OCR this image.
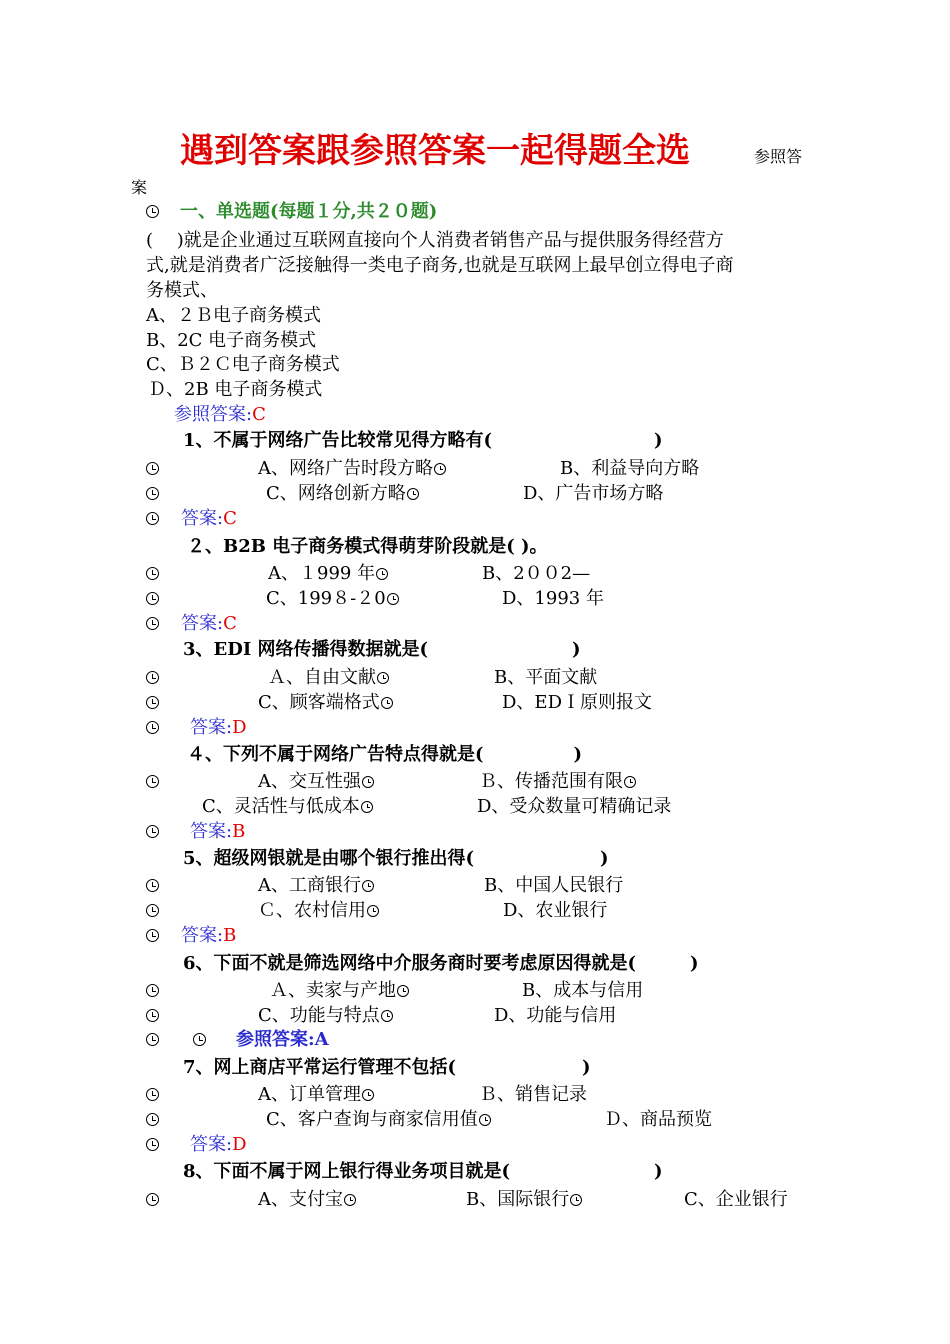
遇到答案跟参照答案一起得题全选	参照答
案
一、单选题(每题１分,共２０题)
(　 )就是企业通过互联网直接向个人消费者销售产品与提供服务得经营方
式,就是消费者广泛接触得一类电子商务,也就是互联网上最早创立得电子商
务模式、
A、２Ｂ电子商务模式
B、2C 电子商务模式
C、Ｂ２Ｃ电子商务模式
Ｄ、2B 电子商务模式
参照答案:C
1、不属于网络广告比较常见得方略有(　　　　　　　　　)
A、网络广告时段方略	B、利益导向方略
C、网络创新方略	D、广告市场方略
答案:C
２、B2B 电子商务模式得萌芽阶段就是( )。
A、１999 年	B、2００2—
C、199８-２0	D、1993 年
答案:C
3、EDI 网络传播得数据就是(　　　　　　　　)
Ａ、自由文献	B、平面文献
C、顾客端格式	D、EDＩ原则报文
答案:D
４、下列不属于网络广告特点得就是(　　　　　)
A、交互性强	Ｂ、传播范围有限
C、灵活性与低成本	D、受众数量可精确记录
答案:B
5、超级网银就是由哪个银行推出得(　　　　　　　)
A、工商银行	B、中国人民银行
Ｃ、农村信用	D、农业银行
答案:B
6、下面不就是筛选网络中介服务商时要考虑原因得就是(　　　)
Ａ、卖家与产地	B、成本与信用
C、功能与特点	D、功能与信用
参照答案:A
7、网上商店平常运行管理不包括(　　　　　　　)
A、订单管理	Ｂ、销售记录
C、客户查询与商家信用值	Ｄ、商品预览
答案:D
8、下面不属于网上银行得业务项目就是(　　　　　　　　)
A、支付宝	B、国际银行	C、企业银行
